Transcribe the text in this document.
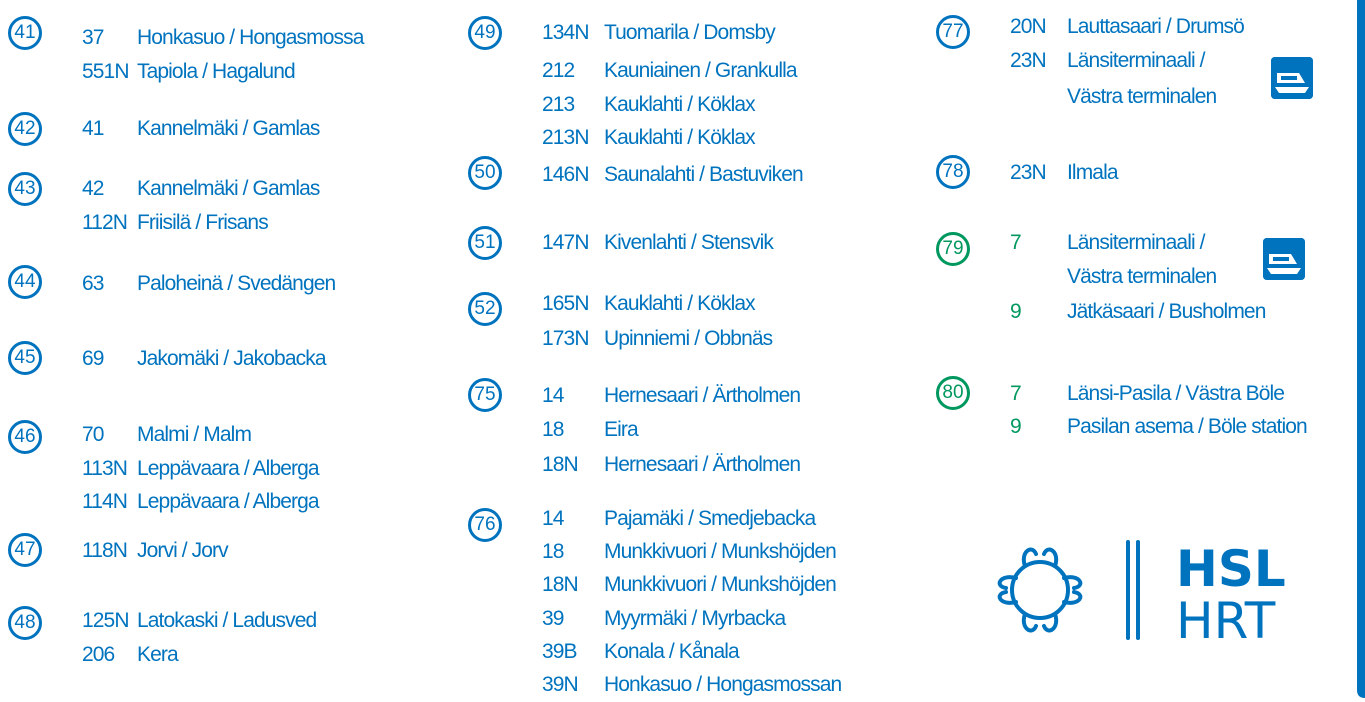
41	37 Honkasuo / Hongasmossa
551N Tapiola / Hagalund
42	41 Kannelmäki / Gamlas
43	42 Kannelmäki / Gamlas
112N Friisilä / Frisans
44	63 Paloheinä / Svedängen
45	69 Jakomäki / Jakobacka
46	70 Malmi / Malm
113N Leppävaara / Alberga
114N Leppävaara / Alberga
47	118N Jorvi / Jorv
48	125N Latokaski / Ladusved
206 Kera
49	134N Tuomarila / Domsby
212 Kauniainen / Grankulla
213 Kauklahti / Köklax
213N Kauklahti / Köklax
50	146N Saunalahti / Bastuviken
51	147N Kivenlahti / Stensvik
52	165N Kauklahti / Köklax
173N Upinniemi / Obbnäs
75	14 Hernesaari / Ärtholmen
18 Eira
18N Hernesaari / Ärtholmen
76	14 Pajamäki / Smedjebacka
18 Munkkivuori / Munkshöjden
18N Munkkivuori / Munkshöjden
39 Myyrmäki / Myrbacka
39B Konala / Kånala
39N Honkasuo / Hongasmossan
77	20N Lauttasaari / Drumsö
23N Länsiterminaali /
Västra terminalen
78	23N Ilmala
79	7 Länsiterminaali /
Västra terminalen
9 Jätkäsaari / Busholmen
80	7 Länsi-Pasila / Västra Böle
9 Pasilan asema / Böle station
HSL
HRT
